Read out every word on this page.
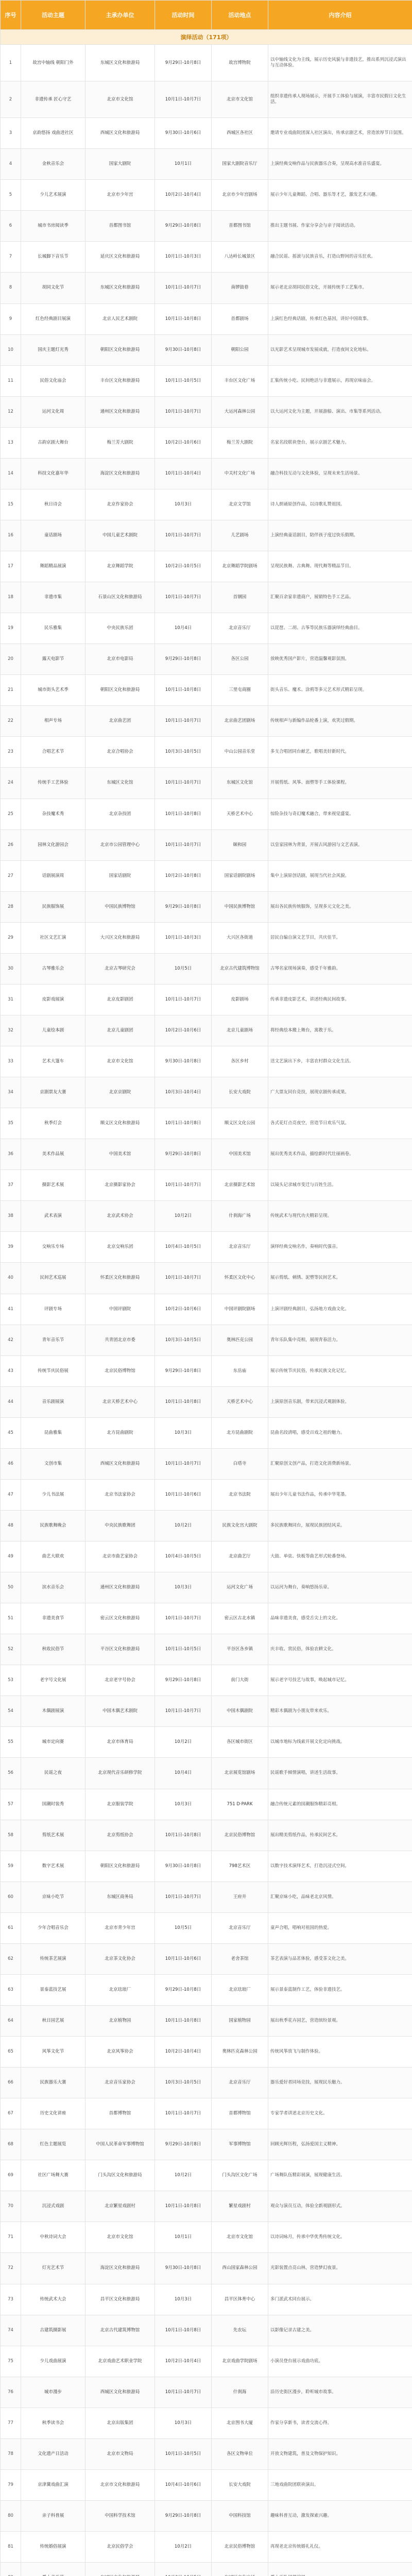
序号	活动主题	主承办单位	活动时间	活动地点	内容介绍
演绎活动（171项）					
1	故宫中轴线 朝阳门外	东城区文化和旅游局	9月29日-10月8日	故宫博物院	以中轴线文化为主线，展示历史风貌与非遗技艺，推出系列沉浸式演出与互动体验。
2	非遗传承 匠心守艺	北京市文化馆	10月1日-10月7日	北京市文化馆	组织非遗传承人现场展示，开展手工体验与展演，丰富市民假日文化生活。
3	京韵悠扬 戏曲进社区	西城区文化和旅游局	9月30日-10月6日	西城区各社区	邀请专业戏曲院团深入社区演出，传承京剧艺术，营造浓厚节日氛围。
4	金秋音乐会	国家大剧院	10月1日	国家大剧院音乐厅	上演经典交响作品与民族器乐合奏，呈现高水准音乐盛宴。
5	少儿艺术展演	北京市少年宫	10月2日-10月4日	北京市少年宫剧场	展示少年儿童舞蹈、合唱、器乐等才艺，激发艺术兴趣。
6	城市书房阅读季	首都图书馆	9月29日-10月8日	首都图书馆	推出主题书展、作家分享会与亲子阅读活动。
7	长城脚下音乐节	延庆区文化和旅游局	10月1日-10月3日	八达岭长城景区	融合民谣、摇滚与民族音乐，打造山野间的音乐狂欢。
8	胡同文化节	东城区文化和旅游局	10月1日-10月7日	南锣鼓巷	展示老北京胡同民俗文化，开展传统手工艺集市。
9	红色经典剧目展演	北京人民艺术剧院	10月1日-10月8日	首都剧场	上演红色经典话剧，传承红色基因，讲好中国故事。
10	国庆主题灯光秀	朝阳区文化和旅游局	9月30日-10月8日	朝阳公园	以光影艺术呈现城市发展成就，打造夜间文化地标。
11	民俗文化庙会	丰台区文化和旅游局	10月1日-10月5日	丰台区文化广场	汇集传统小吃、民间绝活与非遗展示，再现京味庙会。
12	运河文化周	通州区文化和旅游局	10月1日-10月7日	大运河森林公园	以大运河文化为主题，开展游船、演出、市集等系列活动。
13	古韵京剧大舞台	梅兰芳大剧院	10月2日-10月6日	梅兰芳大剧院	名家名段联袂登台，展示京剧艺术魅力。
14	科技文化嘉年华	海淀区文化和旅游局	10月1日-10月4日	中关村文化广场	融合科技互动与文化体验，呈现未来生活场景。
15	秋日诗会	北京作家协会	10月3日	北京文学馆	诗人朗诵原创作品，以诗歌礼赞祖国。
16	童话剧场	中国儿童艺术剧院	10月1日-10月7日	儿艺剧场	上演经典童话剧目，陪伴孩子度过快乐假期。
17	舞蹈精品展演	北京舞蹈学院	10月2日-10月5日	北京舞蹈学院剧场	呈现民族舞、古典舞、现代舞等精品节目。
18	非遗市集	石景山区文化和旅游局	10月1日-10月7日	首钢园	汇聚百余家非遗商户，展销特色手工艺品。
19	民乐雅集	中央民族乐团	10月4日	北京音乐厅	以琵琶、二胡、古筝等民族乐器演绎经典曲目。
20	露天电影节	北京市电影局	9月29日-10月8日	各区公园	放映优秀国产影片，营造温馨观影氛围。
21	城市街头艺术季	朝阳区文化和旅游局	10月1日-10月8日	三里屯商圈	街头音乐、魔术、涂鸦等多元艺术形式精彩呈现。
22	相声专场	北京曲艺团	10月1日-10月7日	北京曲艺团剧场	传统相声与新编作品轮番上演，欢笑过假期。
23	合唱艺术节	北京合唱协会	10月3日-10月5日	中山公园音乐堂	多支合唱团同台献艺，歌唱美好新时代。
24	传统手工艺体验	东城区文化馆	10月1日-10月7日	东城区文化馆	开展剪纸、风筝、面塑等手工体验课程。
25	杂技魔术秀	北京杂技团	10月1日-10月8日	天桥艺术中心	惊险杂技与奇幻魔术融合，带来视觉盛宴。
26	园林文化游园会	北京市公园管理中心	10月1日-10月7日	颐和园	以皇家园林为背景，开展古风游园与文艺表演。
27	话剧展演周	国家话剧院	10月2日-10月8日	国家话剧院剧场	集中上演原创话剧，展现当代社会风貌。
28	民族服饰展	中国民族博物馆	9月29日-10月8日	中国民族博物馆	展出各民族传统服饰，呈现多元文化之美。
29	社区文艺汇演	大兴区文化和旅游局	10月1日-10月3日	大兴区各街道	居民自编自演文艺节目，共庆佳节。
30	古琴雅乐会	北京古琴研究会	10月5日	北京古代建筑博物馆	古琴名家现场演奏，感受千年雅韵。
31	皮影戏展演	北京皮影剧团	10月1日-10月7日	皮影剧场	传承非遗皮影艺术，讲述经典民间故事。
32	儿童绘本剧	北京儿童剧团	10月2日-10月6日	北京儿童剧场	将经典绘本搬上舞台，寓教于乐。
33	艺术大篷车	北京市文化馆	9月30日-10月8日	各区乡村	送文艺演出下乡，丰富农村群众文化生活。
34	京剧票友大赛	北京京剧院	10月3日-10月4日	长安大戏院	广大票友同台竞技，展现京剧传承成果。
35	秋季灯会	顺义区文化和旅游局	10月1日-10月8日	顺义区文化公园	各式花灯点亮夜空，营造节日欢乐气氛。
36	美术作品展	中国美术馆	9月29日-10月8日	中国美术馆	展出优秀美术作品，描绘新时代壮丽画卷。
37	摄影艺术展	北京摄影家协会	10月1日-10月7日	北京摄影艺术馆	以镜头记录城市变迁与百姓生活。
38	武术表演	北京武术协会	10月2日	什刹海广场	传统武术与现代功夫精彩呈现。
39	交响乐专场	北京交响乐团	10月4日-10月5日	北京音乐厅	演绎经典交响名作，奏响时代强音。
40	民间艺术巡展	怀柔区文化和旅游局	10月1日-10月7日	怀柔区文化中心	展示剪纸、刺绣、泥塑等民间艺术。
41	评剧专场	中国评剧院	10月2日-10月6日	中国评剧院剧场	上演评剧经典剧目，弘扬地方戏曲文化。
42	青年音乐节	共青团北京市委	10月3日-10月5日	奥林匹克公园	青年乐队集中亮相，展现青春活力。
43	传统节庆民俗展	北京民俗博物馆	9月29日-10月8日	东岳庙	展示传统节庆民俗，传承民族文化记忆。
44	音乐剧展演	北京天桥艺术中心	10月1日-10月8日	天桥艺术中心	上演原创音乐剧，带来沉浸式观剧体验。
45	昆曲雅集	北方昆曲剧院	10月3日	北方昆曲剧院	昆曲名段清唱，感受百戏之祖的魅力。
46	文创市集	西城区文化和旅游局	10月1日-10月7日	白塔寺	汇聚原创文创产品，打造文化消费新场景。
47	少儿书法展	北京书法家协会	10月1日-10月6日	北京书法院	展出少年儿童书法作品，传承中华笔墨。
48	民族歌舞晚会	中央民族歌舞团	10月2日	民族文化宫大剧院	多民族歌舞同台，展现民族团结风采。
49	曲艺大联欢	北京市曲艺家协会	10月4日-10月5日	北京曲艺厅	大鼓、单弦、快板等曲艺形式轮番登场。
50	滨水音乐会	通州区文化和旅游局	10月3日	运河文化广场	以运河为舞台，奏响悠扬乐章。
51	非遗美食节	密云区文化和旅游局	10月1日-10月7日	密云区古北水镇	品味非遗美食，感受舌尖上的文化。
52	秋收民俗节	平谷区文化和旅游局	10月1日-10月5日	平谷区各乡镇	庆丰收、赏民俗，体验农耕文化。
53	老字号文化展	北京老字号协会	9月29日-10月8日	前门大街	展示老字号技艺与故事，唤起城市记忆。
54	木偶剧展演	中国木偶艺术剧院	10月1日-10月7日	中国木偶剧院	精彩木偶剧为小朋友带来欢乐。
55	城市定向赛	北京市体育局	10月2日	各区城市街区	以城市地标为线索开展文化定向挑战。
56	民谣之夜	北京现代音乐研修学院	10月4日	北京展览馆剧场	民谣歌手倾情演唱，讲述生活故事。
57	国潮时装秀	北京服装学院	10月3日	751 D·PARK	融合传统元素的国潮服饰精彩亮相。
58	剪纸艺术展	北京剪纸协会	10月1日-10月8日	北京民俗博物馆	展出精美剪纸作品，传承民间艺术。
59	数字艺术展	朝阳区文化和旅游局	9月30日-10月8日	798艺术区	以数字技术演绎艺术，打造沉浸式空间。
60	京味小吃节	东城区商务局	10月1日-10月7日	王府井	汇聚京味小吃，品味老北京风情。
61	少年合唱音乐会	北京市青少年宫	10月5日	北京音乐厅	童声合唱，唱响对祖国的热爱。
62	传统茶艺展演	北京茶文化协会	10月1日-10月6日	老舍茶馆	茶艺表演与品茗体验，感受茶文化之美。
63	景泰蓝技艺展	北京珐琅厂	9月29日-10月8日	北京珐琅厂	展示景泰蓝制作工艺，体验非遗技艺。
64	秋日园艺展	北京植物园	10月1日-10月8日	国家植物园	展出秋季花卉园艺，营造缤纷景观。
65	风筝文化节	北京风筝协会	10月2日-10月4日	奥林匹克森林公园	传统风筝放飞与制作体验。
66	民族器乐大赛	北京音乐家协会	10月3日-10月5日	北京音乐厅	器乐爱好者同场竞技，展现民乐魅力。
67	历史文化讲座	首都博物馆	10月1日-10月7日	首都博物馆	专家学者讲述北京历史文化。
68	红色主题展览	中国人民革命军事博物馆	9月29日-10月8日	军事博物馆	回顾光辉历程，弘扬爱国主义精神。
69	社区广场舞大赛	门头沟区文化和旅游局	10月2日	门头沟区文化广场	广场舞队伍精彩展演，展现健康生活。
70	沉浸式戏剧	北京繁星戏剧村	10月1日-10月8日	繁星戏剧村	观众与演员互动，体验全新观剧形式。
71	中秋诗词大会	北京市文化馆	10月1日	北京市文化馆	以诗词咏月，传承中华优秀传统文化。
72	灯光艺术节	海淀区文化和旅游局	9月30日-10月8日	西山国家森林公园	光影装置点亮山林，营造梦幻夜景。
73	传统武术大会	昌平区文化和旅游局	10月3日	昌平区体育中心	多门派武术同台展示。
74	古建筑摄影展	北京古代建筑博物馆	10月1日-10月8日	先农坛	以影像记录古建之美。
75	少儿戏曲展演	北京戏曲艺术职业学院	10月2日-10月4日	北京戏曲学院剧场	小演员登台展示戏曲功底。
76	城市漫步	西城区文化和旅游局	10月1日-10月7日	什刹海	沿历史街区漫步，聆听城市故事。
77	秋季读书会	北京出版集团	10月3日	北京图书大厦	作家分享新书，读者交流心得。
78	文化遗产日活动	北京市文物局	10月1日-10月5日	各区文物单位	开放文物建筑，普及文物保护知识。
79	京津冀戏曲汇演	北京市文化和旅游局	10月4日-10月6日	长安大戏院	三地戏曲院团联袂演出。
80	亲子科普展	中国科学技术馆	9月29日-10月8日	中国科技馆	趣味科普互动，激发探索兴趣。
81	传统婚俗展演	北京民俗学会	10月2日	北京民俗博物馆	再现老北京传统婚礼礼仪。
